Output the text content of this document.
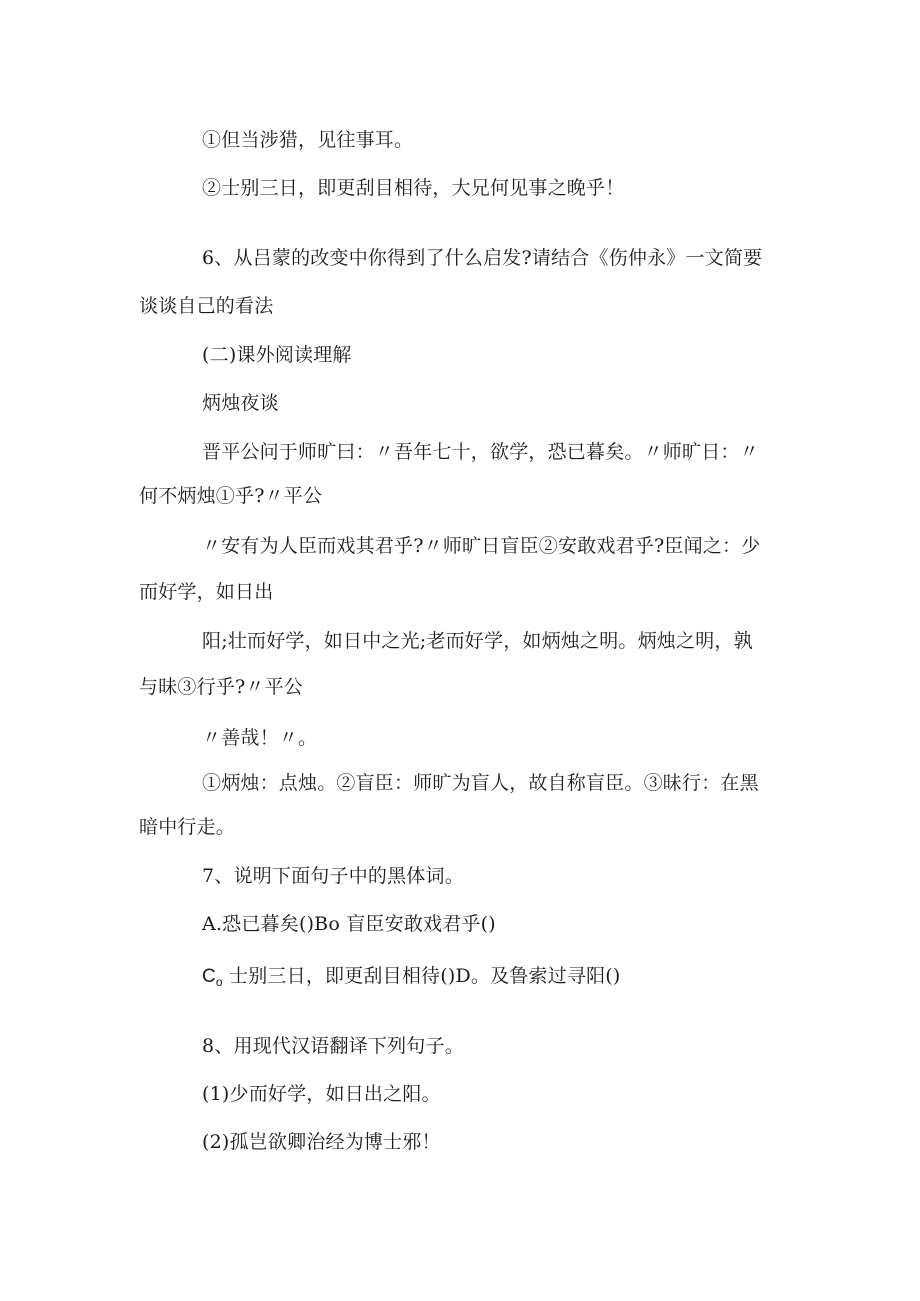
①但当涉猎，见往事耳。
②士别三日，即更刮目相待，大兄何见事之晚乎！
6、从吕蒙的改变中你得到了什么启发?请结合《伤仲永》一文简要
谈谈自己的看法
(二)课外阅读理解
炳烛夜谈
晋平公问于师旷曰：〃吾年七十，欲学，恐已暮矣。〃师旷日：〃
何不炳烛①乎?〃平公
〃安有为人臣而戏其君乎?〃师旷日盲臣②安敢戏君乎?臣闻之：少
而好学，如日出
阳;壮而好学，如日中之光;老而好学，如炳烛之明。炳烛之明，孰
与昧③行乎?〃平公
〃善哉！〃。
①炳烛：点烛。②盲臣：师旷为盲人，故自称盲臣。③昧行：在黑
暗中行走。
7、说明下面句子中的黑体词。
A.恐已暮矣()Bo 盲臣安敢戏君乎()
$C_o$ 士别三日，即更刮目相待()D。及鲁索过寻阳()
8、用现代汉语翻译下列句子。
(1)少而好学，如日出之阳。
(2)孤岂欲卿治经为博士邪！
